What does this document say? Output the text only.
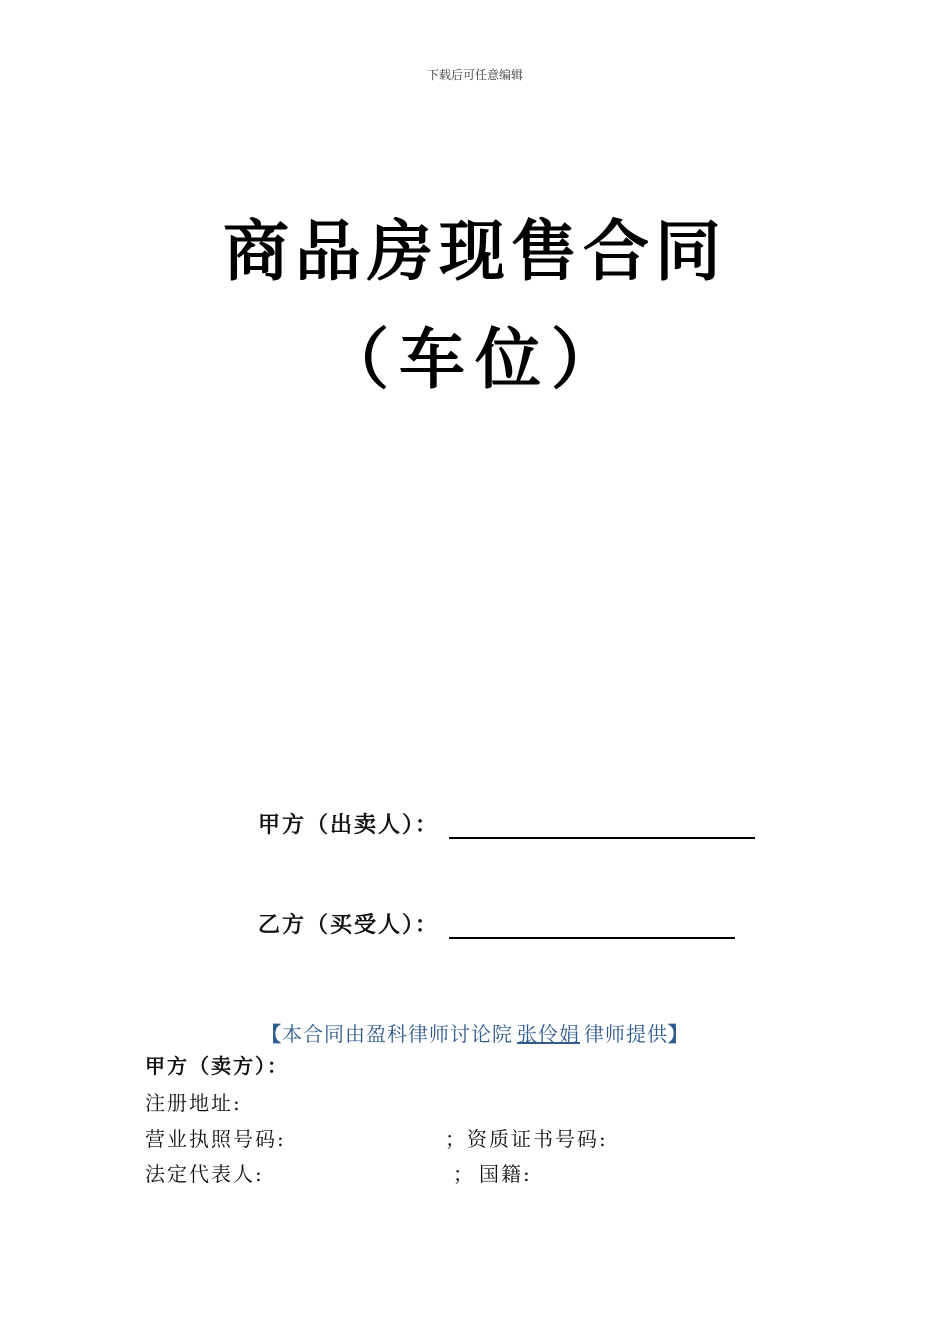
下载后可任意编辑
商品房现售合同
（车位）
甲方（出卖人）：
乙方（买受人）：
【本合同由盈科律师讨论院 张伶娟 律师提供】
甲方（卖方）：
注册地址:
营业执照号码:	； 资质证书号码:
法定代表人:	； 国籍:
